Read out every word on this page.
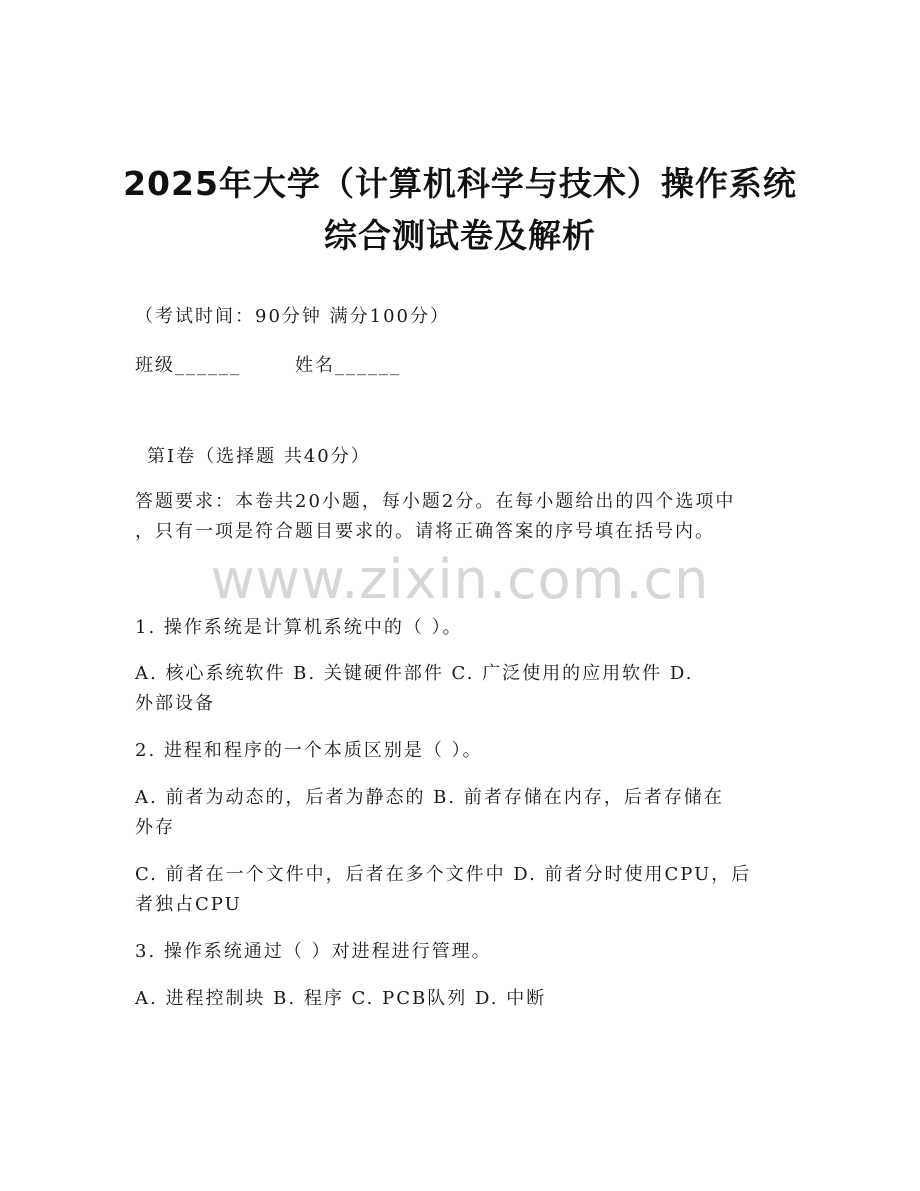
2025年大学（计算机科学与技术）操作系统
综合测试卷及解析
（考试时间：90分钟 满分100分）
班级______	姓名______
第I卷（选择题 共40分）
答题要求：本卷共20小题，每小题2分。在每小题给出的四个选项中
，只有一项是符合题目要求的。请将正确答案的序号填在括号内。
www.zixin.com.cn
1. 操作系统是计算机系统中的（ ）。
A. 核心系统软件 B. 关键硬件部件 C. 广泛使用的应用软件 D.
外部设备
2. 进程和程序的一个本质区别是（ ）。
A. 前者为动态的，后者为静态的 B. 前者存储在内存，后者存储在
外存
C. 前者在一个文件中，后者在多个文件中 D. 前者分时使用CPU，后
者独占CPU
3. 操作系统通过（ ）对进程进行管理。
A. 进程控制块 B. 程序 C. PCB队列 D. 中断
